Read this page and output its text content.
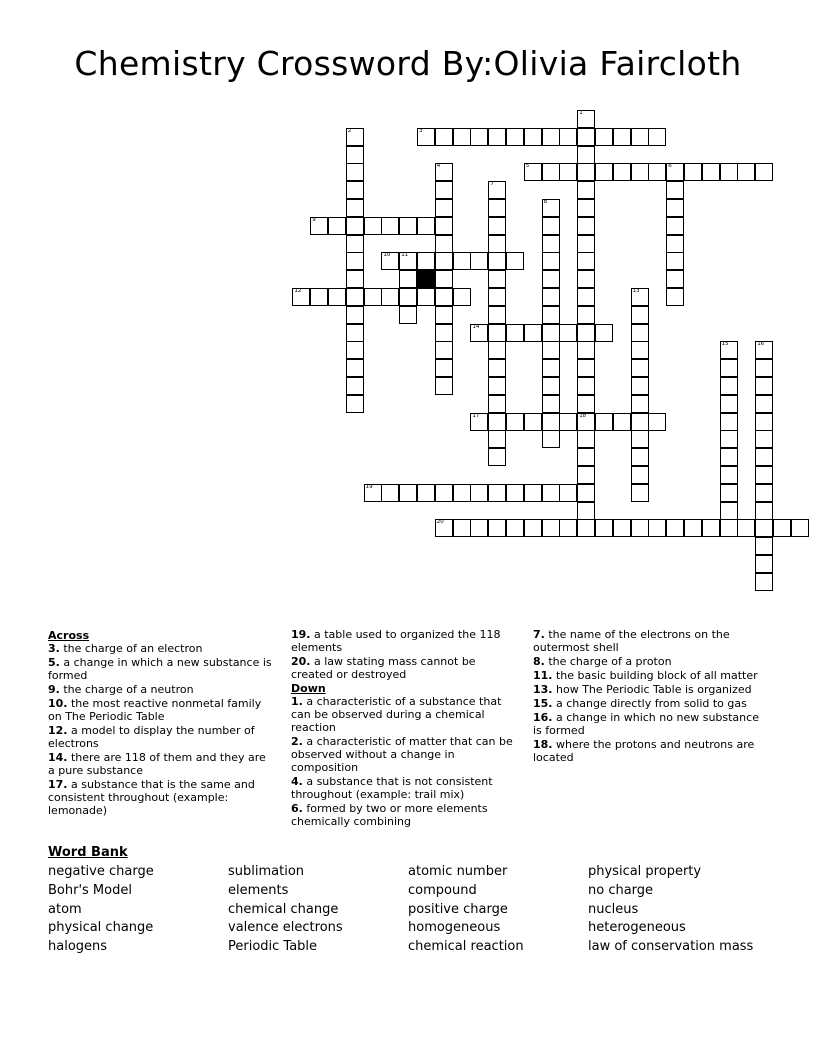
Chemistry Crossword By:Olivia Faircloth
1
18
2	3
4	5	6
7
8
9
10 11
12	13
14
15	16
17
19
20
Across
3. the charge of an electron
5. a change in which a new substance is formed
9. the charge of a neutron
10. the most reactive nonmetal family on The Periodic Table
12. a model to display the number of electrons
14. there are 118 of them and they are a pure substance
17. a substance that is the same and consistent throughout (example: lemonade)
19. a table used to organized the 118 elements
20. a law stating mass cannot be created or destroyed
Down
1. a characteristic of a substance that can be observed during a chemical reaction
2. a characteristic of matter that can be observed without a change in composition
4. a substance that is not consistent throughout (example: trail mix)
6. formed by two or more elements chemically combining
7. the name of the electrons on the outermost shell
8. the charge of a proton
11. the basic building block of all matter
13. how The Periodic Table is organized
15. a change directly from solid to gas
16. a change in which no new substance is formed
18. where the protons and neutrons are located
Word Bank
negative charge	sublimation	atomic number	physical property
Bohr's Model	elements	compound	no charge
atom	chemical change	positive charge	nucleus
physical change	valence electrons	homogeneous	heterogeneous
halogens	Periodic Table	chemical reaction	law of conservation mass
